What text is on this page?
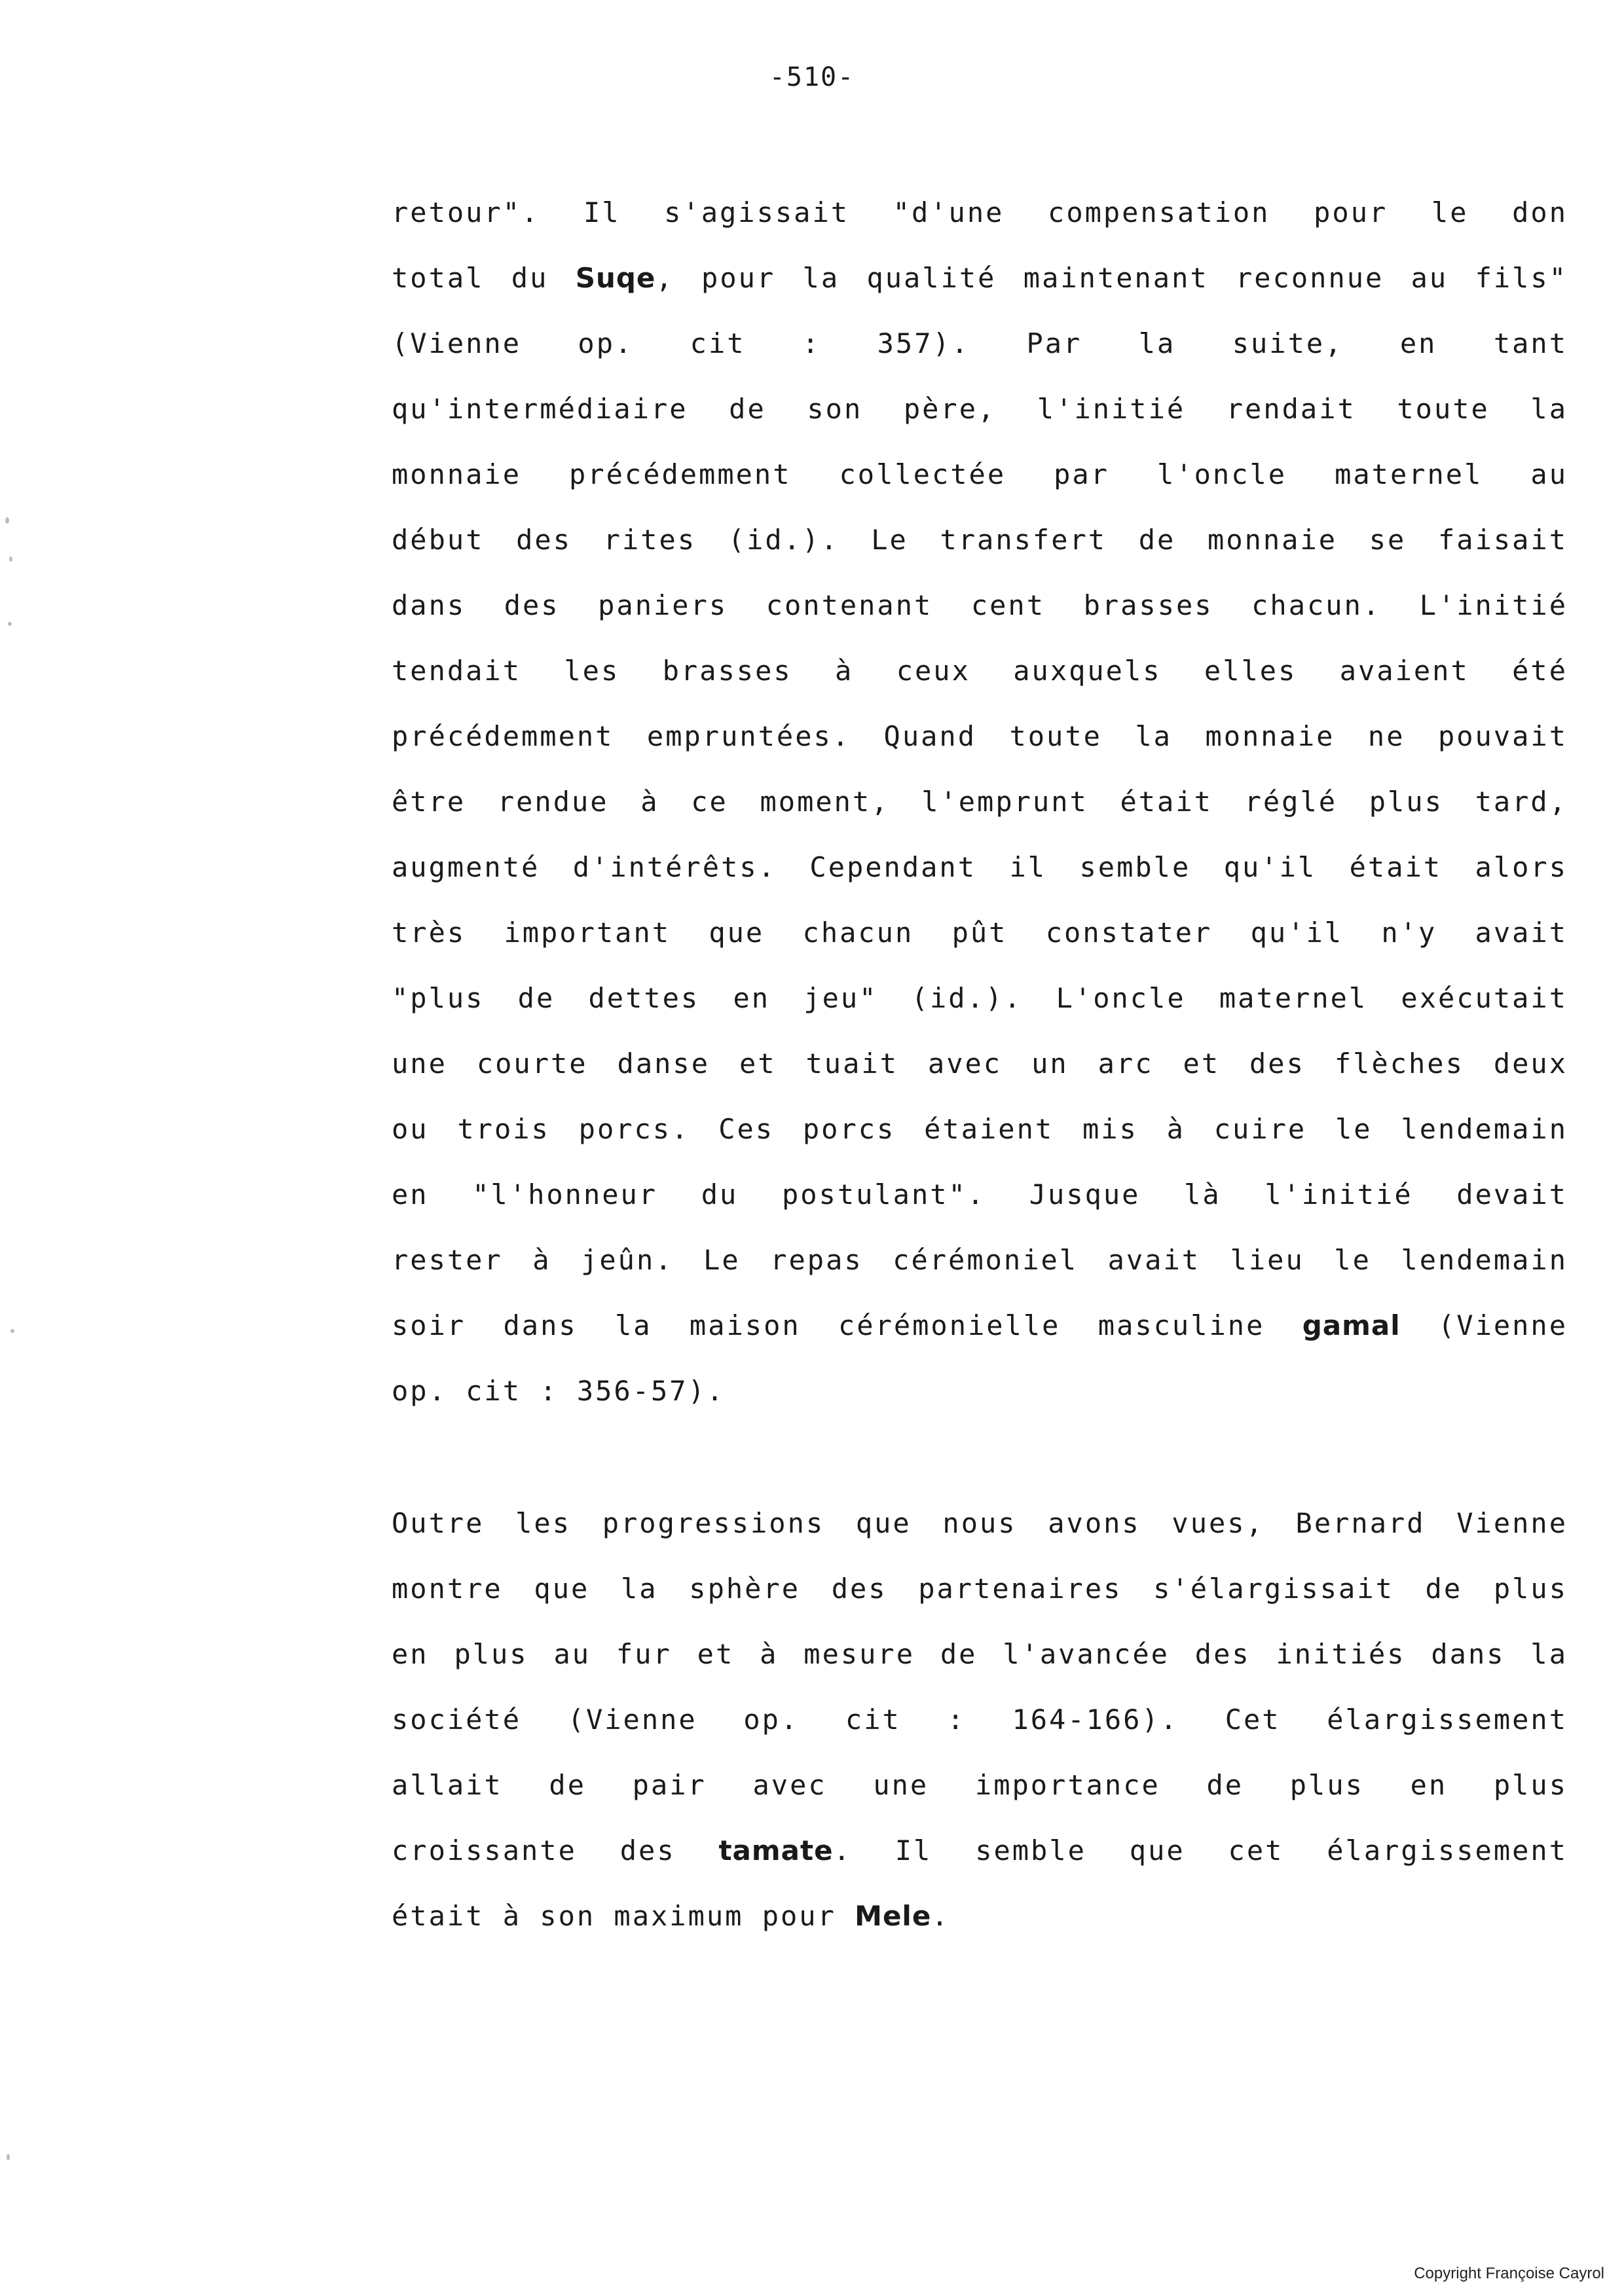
-510-
retour". Il s'agissait "d'une compensation pour le don
total du Suqe, pour la qualité maintenant reconnue au fils"
(Vienne op. cit : 357). Par la suite, en tant
qu'intermédiaire de son père, l'initié rendait toute la
monnaie précédemment collectée par l'oncle maternel au
début des rites (id.). Le transfert de monnaie se faisait
dans des paniers contenant cent brasses chacun. L'initié
tendait les brasses à ceux auxquels elles avaient été
précédemment empruntées. Quand toute la monnaie ne pouvait
être rendue à ce moment, l'emprunt était réglé plus tard,
augmenté d'intérêts. Cependant il semble qu'il était alors
très important que chacun pût constater qu'il n'y avait
"plus de dettes en jeu" (id.). L'oncle maternel exécutait
une courte danse et tuait avec un arc et des flèches deux
ou trois porcs. Ces porcs étaient mis à cuire le lendemain
en "l'honneur du postulant". Jusque là l'initié devait
rester à jeûn. Le repas cérémoniel avait lieu le lendemain
soir dans la maison cérémonielle masculine gamal (Vienne
op. cit : 356-57).
Outre les progressions que nous avons vues, Bernard Vienne
montre que la sphère des partenaires s'élargissait de plus
en plus au fur et à mesure de l'avancée des initiés dans la
société (Vienne op. cit : 164-166). Cet élargissement
allait de pair avec une importance de plus en plus
croissante des tamate. Il semble que cet élargissement
était à son maximum pour Mele.
Copyright Françoise Cayrol
